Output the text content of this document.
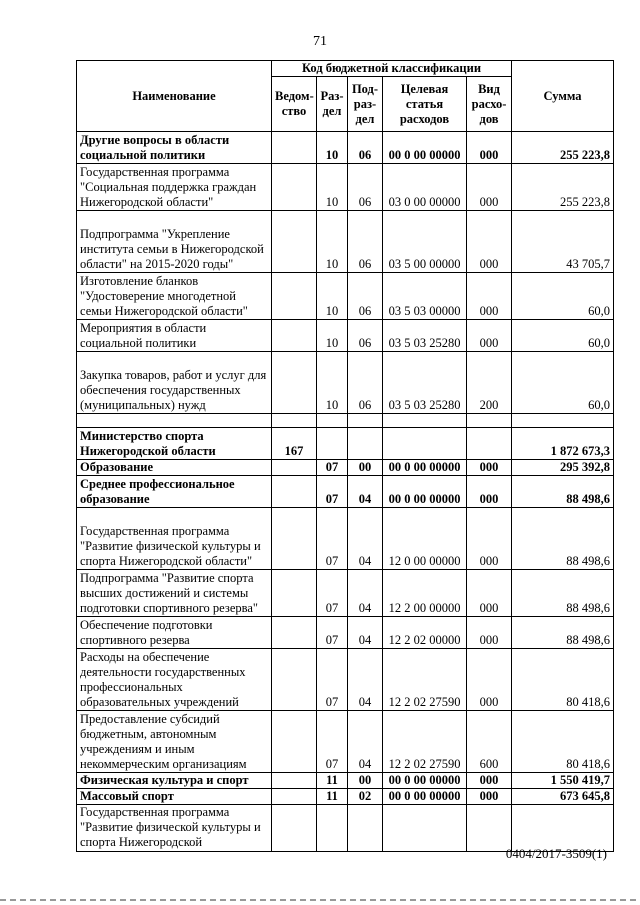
71
Наименование	Код бюджетной классификации					Сумма
	Ведом-ство	Раз-дел	Под-раз-дел	Целевая статья расходов	Вид расхо-дов	
Другие вопросы в области социальной политики		10	06	00 0 00 00000	000	255 223,8
Государственная программа "Социальная поддержка граждан Нижегородской области"		10	06	03 0 00 00000	000	255 223,8
Подпрограмма "Укрепление института семьи в Нижегородской области" на 2015-2020 годы"		10	06	03 5 00 00000	000	43 705,7
Изготовление бланков "Удостоверение многодетной семьи Нижегородской области"		10	06	03 5 03 00000	000	60,0
Мероприятия в области социальной политики		10	06	03 5 03 25280	000	60,0
Закупка товаров, работ и услуг для обеспечения государственных (муниципальных) нужд		10	06	03 5 03 25280	200	60,0

Министерство спорта Нижегородской области	167					1 872 673,3
Образование		07	00	00 0 00 00000	000	295 392,8
Среднее профессиональное образование		07	04	00 0 00 00000	000	88 498,6
Государственная программа "Развитие физической культуры и спорта Нижегородской области"		07	04	12 0 00 00000	000	88 498,6
Подпрограмма "Развитие спорта высших достижений и системы подготовки спортивного резерва"		07	04	12 2 00 00000	000	88 498,6
Обеспечение подготовки спортивного резерва		07	04	12 2 02 00000	000	88 498,6
Расходы на обеспечение деятельности государственных профессиональных образовательных учреждений		07	04	12 2 02 27590	000	80 418,6
Предоставление субсидий бюджетным, автономным учреждениям и иным некоммерческим организациям		07	04	12 2 02 27590	600	80 418,6
Физическая культура и спорт		11	00	00 0 00 00000	000	1 550 419,7
Массовый спорт		11	02	00 0 00 00000	000	673 645,8
Государственная программа "Развитие физической культуры и спорта Нижегородской						
0404/2017-3509(1)
